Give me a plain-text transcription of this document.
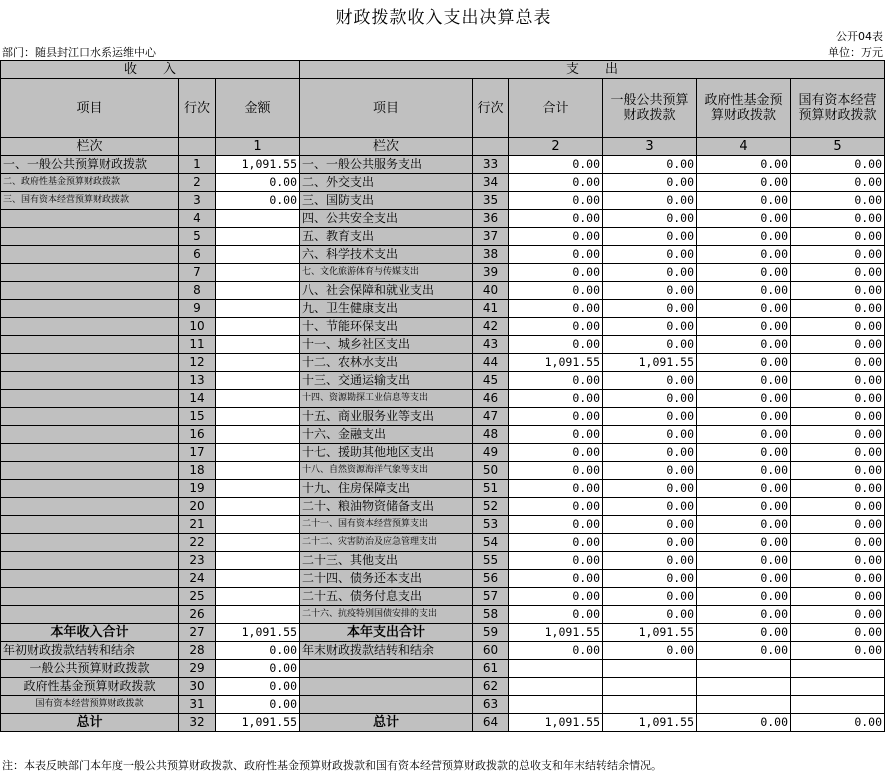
财政拨款收入支出决算总表
公开04表
部门：随县封江口水系运维中心	单位：万元
收　　入			支　　出					
项目	行次	金额	项目	行次	合计	一般公共预算财政拨款	政府性基金预算财政拨款	国有资本经营预算财政拨款
栏次		1	栏次		2	3	4	5
一、一般公共预算财政拨款	1	1,091.55	一、一般公共服务支出	33	0.00	0.00	0.00	0.00
二、政府性基金预算财政拨款	2	0.00	二、外交支出	34	0.00	0.00	0.00	0.00
三、国有资本经营预算财政拨款	3	0.00	三、国防支出	35	0.00	0.00	0.00	0.00
	4		四、公共安全支出	36	0.00	0.00	0.00	0.00
	5		五、教育支出	37	0.00	0.00	0.00	0.00
	6		六、科学技术支出	38	0.00	0.00	0.00	0.00
	7		七、文化旅游体育与传媒支出	39	0.00	0.00	0.00	0.00
	8		八、社会保障和就业支出	40	0.00	0.00	0.00	0.00
	9		九、卫生健康支出	41	0.00	0.00	0.00	0.00
	10		十、节能环保支出	42	0.00	0.00	0.00	0.00
	11		十一、城乡社区支出	43	0.00	0.00	0.00	0.00
	12		十二、农林水支出	44	1,091.55	1,091.55	0.00	0.00
	13		十三、交通运输支出	45	0.00	0.00	0.00	0.00
	14		十四、资源勘探工业信息等支出	46	0.00	0.00	0.00	0.00
	15		十五、商业服务业等支出	47	0.00	0.00	0.00	0.00
	16		十六、金融支出	48	0.00	0.00	0.00	0.00
	17		十七、援助其他地区支出	49	0.00	0.00	0.00	0.00
	18		十八、自然资源海洋气象等支出	50	0.00	0.00	0.00	0.00
	19		十九、住房保障支出	51	0.00	0.00	0.00	0.00
	20		二十、粮油物资储备支出	52	0.00	0.00	0.00	0.00
	21		二十一、国有资本经营预算支出	53	0.00	0.00	0.00	0.00
	22		二十二、灾害防治及应急管理支出	54	0.00	0.00	0.00	0.00
	23		二十三、其他支出	55	0.00	0.00	0.00	0.00
	24		二十四、债务还本支出	56	0.00	0.00	0.00	0.00
	25		二十五、债务付息支出	57	0.00	0.00	0.00	0.00
	26		二十六、抗疫特别国债安排的支出	58	0.00	0.00	0.00	0.00
本年收入合计	27	1,091.55	本年支出合计	59	1,091.55	1,091.55	0.00	0.00
年初财政拨款结转和结余	28	0.00	年末财政拨款结转和结余	60	0.00	0.00	0.00	0.00
一般公共预算财政拨款	29	0.00		61				
政府性基金预算财政拨款	30	0.00		62				
国有资本经营预算财政拨款	31	0.00		63				
总计	32	1,091.55	总计	64	1,091.55	1,091.55	0.00	0.00
注：本表反映部门本年度一般公共预算财政拨款、政府性基金预算财政拨款和国有资本经营预算财政拨款的总收支和年末结转结余情况。
